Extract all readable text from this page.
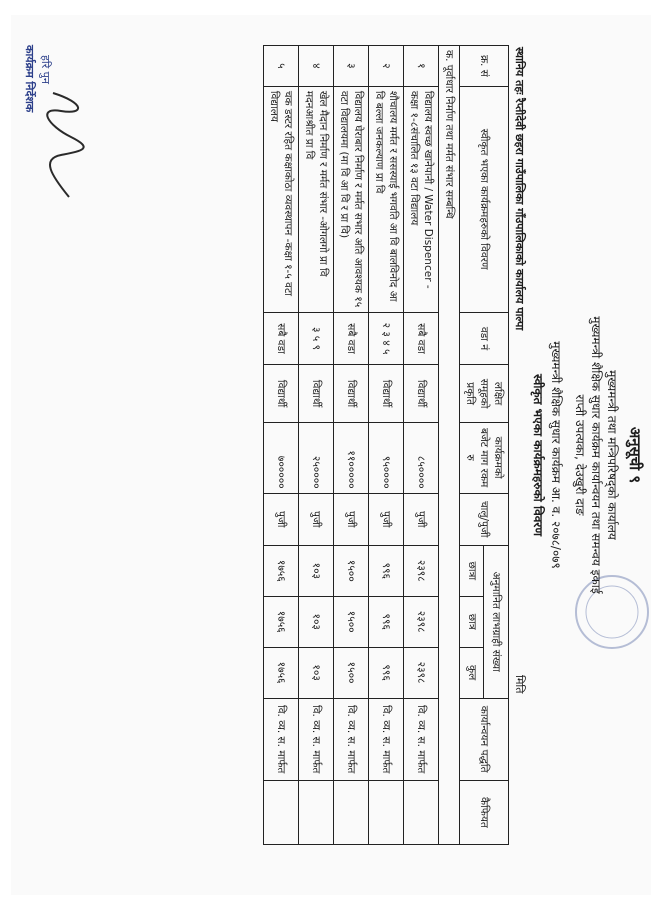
अनुसूची ९
मुख्यमन्त्री तथा मन्त्रिपरिषद्‌को कार्यालय
मुख्यमन्त्री शैक्षिक सुधार कार्यक्रम कार्यान्वयन तथा समन्वय इकाई
राप्ती उपत्यका, देउखुरी दाङ
मुख्यमन्त्री शैक्षिक सुधार कार्यक्रम आ. व. २०७८/०७९
स्वीकृत भएका कार्यक्रमहरुको विवरण
मिति
स्थानिय तहः रैप्तीदेवी छहरा गाउँपालिका गाँउपालिकाको कार्यालय पाल्पा
क्र. सं	स्वीकृत भएका कार्यक्रमहरुको विवरण	वडा नं	लक्षित समूहको प्रकृति	कार्यक्रमको बजेट माग रकम रु	चालु/पुजी	अनुमानित लाभग्राही संख्या			कार्यान्वयन पद्धति	कैफियत
						छात्रा	छात्र	कुल		
क. पूर्वाधार निर्माण तथा मर्मत संभार सम्बन्धि										
१	विद्यालय स्वच्छ खानेपानी / Water Dispencer - कक्षा १-८संचालित १३ वटा विद्यालय	सबै वडा	विद्यार्थी	८५००००	पुजी	२३९८	२३९८	२३९८	वि. व्य. स. मार्फत	
२	शौचालय मर्मत र ससस्याई भगवति आ वि बालविनोद आ वि बल्ला जनकल्याण प्रा वि	२ ३ ४ ५	विद्यार्थी	९५००००	पुजी	९९६	९९६	९९६	वि. व्य. स. मार्फत	
३	विद्यालय घेराबार निर्माण र मर्मत सभार अति आवश्यक १५ वटा विद्यालयमा (मा वि आ वि र प्रा वि)	सबै वडा	विद्यार्थी	११०००००	पुजी	१५००	१५००	१५००	वि. व्य. स. मार्फत	
४	खेल मैदान निर्माण र मर्मत संभार -ओगलगो प्रा वि मदनआश्रीत प्रा वि	३ ५ ९	विद्यार्थी	२५००००	पुजी	१०३	१०३	१०३	वि. व्य. स. मार्फत	
५	चक डस्टर रहित कक्षाकोठा व्यवस्थापन -कक्षा १-५ वटा विद्यालय	सबै वडा	विद्यार्थी	७०००००	पुजी	१७५६	१७५६	१७५६	वि. व्य. स. मार्फत	
हरि पुन
कार्यक्रम निर्देशक
